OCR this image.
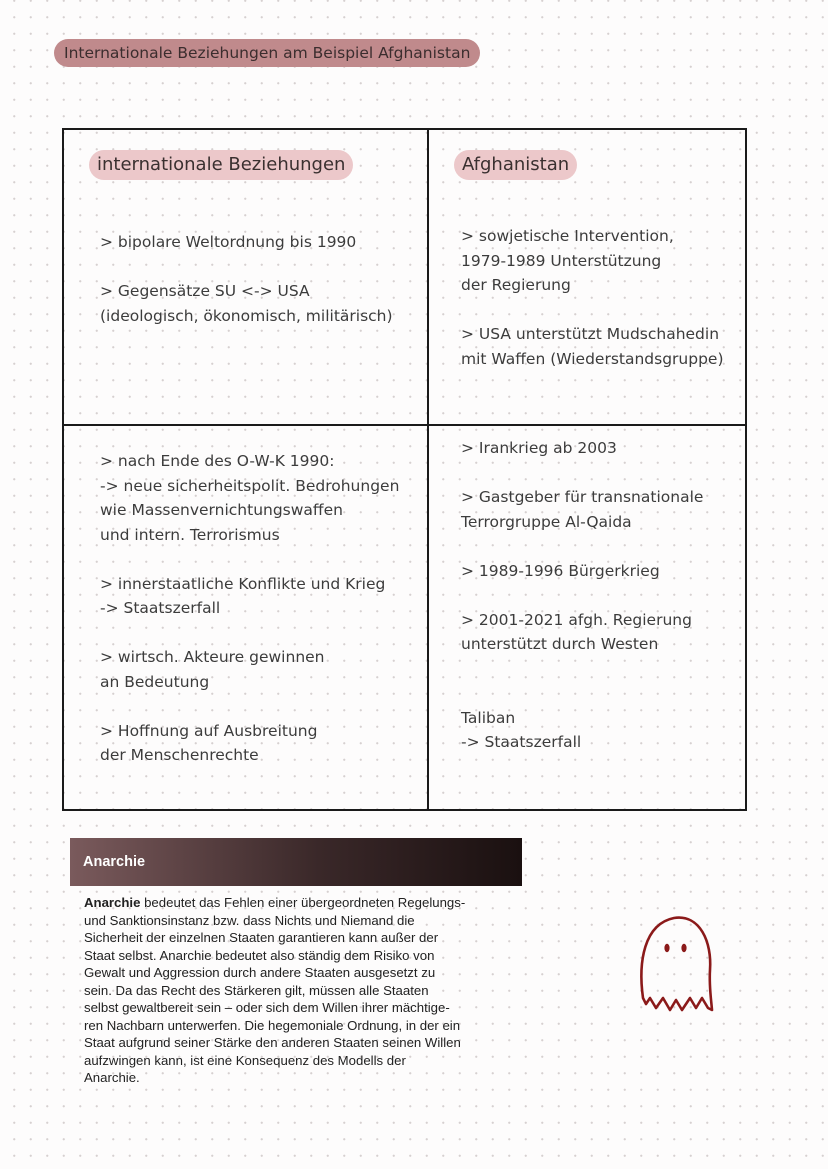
Internationale Beziehungen am Beispiel Afghanistan
internationale Beziehungen
> bipolare Weltordnung bis 1990
> Gegensätze SU <-> USA
(ideologisch, ökonomisch, militärisch)
Afghanistan
> sowjetische Intervention,
1979-1989 Unterstützung
der Regierung
> USA unterstützt Mudschahedin
mit Waffen (Wiederstandsgruppe)
> nach Ende des O-W-K 1990:
-> neue sicherheitspolit. Bedrohungen
wie Massenvernichtungswaffen
und intern. Terrorismus
> innerstaatliche Konflikte und Krieg
-> Staatszerfall
> wirtsch. Akteure gewinnen
an Bedeutung
> Hoffnung auf Ausbreitung
der Menschenrechte
> Irankrieg ab 2003
> Gastgeber für transnationale
Terrorgruppe Al-Qaida
> 1989-1996 Bürgerkrieg
> 2001-2021 afgh. Regierung
unterstützt durch Westen
Taliban
-> Staatszerfall
Anarchie
Anarchie bedeutet das Fehlen einer übergeordneten Regelungs-
und Sanktionsinstanz bzw. dass Nichts und Niemand die
Sicherheit der einzelnen Staaten garantieren kann außer der
Staat selbst. Anarchie bedeutet also ständig dem Risiko von
Gewalt und Aggression durch andere Staaten ausgesetzt zu
sein. Da das Recht des Stärkeren gilt, müssen alle Staaten
selbst gewaltbereit sein – oder sich dem Willen ihrer mächtige-
ren Nachbarn unterwerfen. Die hegemoniale Ordnung, in der ein
Staat aufgrund seiner Stärke den anderen Staaten seinen Willen
aufzwingen kann, ist eine Konsequenz des Modells der
Anarchie.
